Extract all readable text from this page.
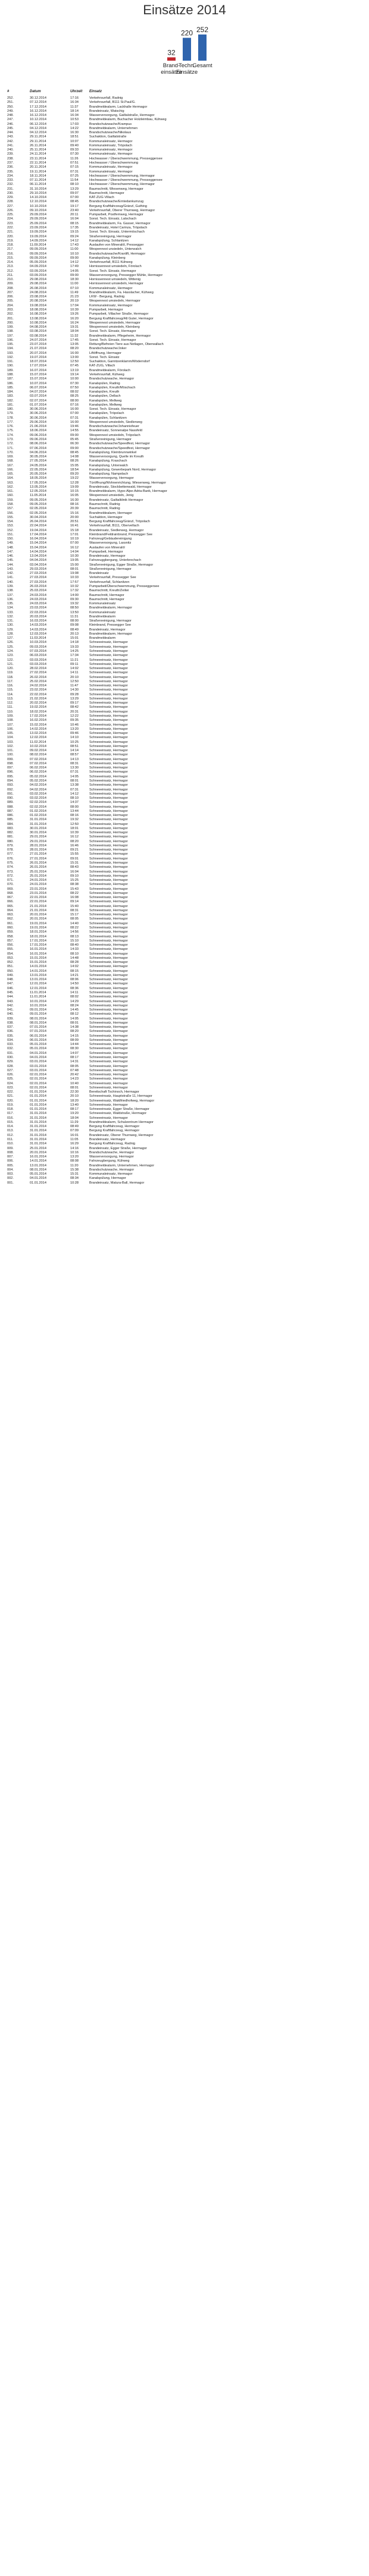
Einsätze 2014
32
Brand-
einsätze
220
Techn.
Einsätze
252
Gesamt
#	Datum	Uhrzeit	Einsatz
252.	30.12.2014	17:16	Verkehrsunfall, Radnig
251.	07.12.2014	16:34	Verkehrsunfall, B111 St.Paul/G.
250.	17.12.2014	11:37	Brandmeldealarm, Lackhalle Hermagor
249.	16.12.2014	18:14	Brandeinsatz, Watschig
248.	16.12.2014	16:34	Wasserversorgung, Gailtalstraße, Hermagor
247.	10.12.2014	10:53	Brandmeldealarm, Buchacher Holzleimbau, Kühweg
246.	06.12.2014	17:03	Brandschutzwache/Krampus
245.	04.12.2014	14:22	Brandmeldealarm, Unternehmen
244.	04.12.2014	16:30	Brandschutzwache/Nikolaus
243.	29.11.2014	18:51	Suchaktion, Gailtalstraße
242.	29.11.2014	10:07	Kommunaleinsatz, Hermagor
241.	26.11.2014	09:40	Kommunaleinsatz, Tröpolach
240.	25.11.2014	09:33	Kommunaleinsatz, Hermagor
239.	24.11.2014	07:30	Kommunaleinsatz, Hermagor
238.	23.11.2014	11:26	Hochwasser / Überschwemmung, Presseggersee
237.	22.11.2014	07:51	Hochwasser / Überschwemmung
236.	20.11.2014	07:15	Kommunaleinsatz, Hermagor
235.	19.11.2014	07:31	Kommunaleinsatz, Hermagor
234.	18.11.2014	07:25	Hochwasser / Überschwemmung, Hermagor
233.	07.11.2014	11:54	Hochwasser / Überschwemmung, Presseggersee
232.	06.11.2014	08:10	Hochwasser / Überschwemmung, Hermagor
231.	31.10.2014	13:29	Baumschnitt, Wiesenweg, Hermagor
230.	29.10.2014	09:07	Baumschnitt, Hermagor
229.	14.10.2014	07:00	KAT-ZUG Villach
228.	12.10.2014	08:45	Brandschutzwache/Erntedankumzug
227.	10.10.2014	19:17	Bergung Kraftfahrzeug/Gränzl, Guthing
226.	09.10.2014	23:40	Verkehrsunfall, Oberer Thurnweg, Hermagor
225.	29.09.2014	20:11	Pumparbeit, Postfernweg, Hermagor
224.	29.09.2014	16:04	Sonst. Tech. Einsatz, Latschach
223.	25.09.2014	08:15	Brandmeldealarm, Fa. Gasser, Hermagor
222.	23.09.2014	17:35	Brandeinsatz, Hotel Carinza, Tröpolach
221.	19.09.2014	19:15	Sonst. Tech. Einsatz, Untermöschach
220.	19.09.2014	09:24	Straßenreinigung, Hermagor
219.	14.09.2014	14:12	Kanalspülung, Schlanitzen
218.	11.09.2014	17:43	Auslaufen von Mineralöl, Pressegger
217.	09.09.2014	11:00	Wespennest unsiedeln, Unterwalch
216.	09.09.2014	10:10	Brandschutzwache/Kranlift, Hermagor
215.	09.09.2014	09:00	Kanalspülung, Kleinberg
214.	05.09.2014	14:12	Verkehrsunfall, B111 Kühweg
213.	04.09.2014	17:49	Hornissennest umsiedeln, Förolach
212.	03.09.2014	14:05	Sonst. Tech. Einsatz, Hermagor
211.	03.09.2014	09:00	Wasserversorgung, Pressegger Mühle, Hermagor
210.	29.08.2014	18:30	Hornissennest umsiedeln, Wittenig
209.	29.08.2014	11:00	Hornissennest umsiedeln, Hermagor
208.	26.08.2014	07:10	Kommunaleinsatz, Hermagor
207.	24.08.2014	11:49	Brandmeldealarm, Fa. Hasslacher, Kühweg
206.	23.08.2014	21:23	LKW - Bergung, Radnig
205.	20.08.2014	20:19	Wespennest umsiedeln, Hermagor
204.	19.08.2014	17:04	Kommunaleinsatz, Hermagor
203.	18.08.2014	10:39	Pumparbeit, Hermagor
202.	16.08.2014	19:26	Pumparbeit, Villacher Straße, Hermagor
201.	13.08.2014	16:20	Bergung Kraftfahrzeug/Alt Guter, Hermagor
200.	10.08.2014	16:24	Wespennest umsiedeln, Hermagor
199.	04.08.2014	19:31	Wespennest umsiedeln, Kleinberg
198.	03.08.2014	18:04	Sonst. Tech. Einsatz, Hermagor
197.	03.08.2014	11:32	Brandmeldealarm, Pflegeheim, Hermagor
196.	24.07.2014	17:45	Sonst. Tech. Einsatz, Hermagor
195.	23.07.2014	13:05	Rettung/Befreien Tiere aus Notlagen, Oberwallach
194.	21.07.2014	08:20	Brandschutzwache/Joker
193.	20.07.2014	16:00	Liftöffnung, Hermagor
192.	19.07.2014	13:00	Sonst. Tech. Einsatz
191.	18.07.2014	12:50	Suchaktion, Garnitzenklamm/Möderndorf
190.	17.07.2014	07:45	KAT-ZUG, Villach
189.	16.07.2014	13:19	Brandmeldealarm, Förolach
188.	15.07.2014	19:14	Verkehrsunfall, Kühweg
187.	15.07.2014	10:00	Brandschutzwache, Hermagor
186.	10.07.2014	07:30	Kanalspülen, Radnig
185.	06.07.2014	07:50	Kanalspülen, Kreuth/Möschach
184.	04.07.2014	08:02	Kanalspülen, Kreuth
183.	03.07.2014	08:25	Kanalspülen, Dellach
182.	02.07.2014	08:00	Kanalspülen, Mellweg
181.	01.07.2014	07:16	Kanalspülen, Mellweg
180.	30.06.2014	16:00	Sonst. Tech. Einsatz, Hermagor
179.	30.06.2014	07:00	Kanalspülen, Tröpolach
178.	30.06.2014	07:31	Kanalspülen, Schlanitzen
177.	29.06.2014	16:00	Wespennest umsiedeln, Siedlerweg
176.	21.06.2014	19:46	Brandschutzwache/Johannisfeuer
175.	18.06.2014	14:55	Brandeinsatz, Sonnenalpe Nassfeld
174.	09.06.2014	09:00	Wespennest umsiedeln, Tröpolach
173.	09.06.2014	05:45	Straßenreinigung, Hermagor
172.	08.06.2014	06:30	Brandschutzwache/Speedfest, Hermagor
171.	07.06.2014	09:00	Brandschutzwache/Speedfest, Hermagor
170.	04.06.2014	08:45	Kanalspülung, Kleinbrunnwinkel
169.	30.05.2014	14:08	Wasserversorgung, Quelle im Kreuth
168.	27.05.2014	08:26	Kanalspülung, Kraschach
167.	24.05.2014	15:05	Kanalspülung, Unterwalch
166.	22.05.2014	18:54	Kanalspülung, Gewerbepark Nord, Hermagor
165.	20.05.2014	09:20	Kanalspülung, Nampolach
164.	18.05.2014	19:22	Wasserversorgung, Hermagor
163.	17.05.2014	12:28	Türöffnung/Wohnenrichtung, Wiesenweg, Hermagor
162.	13.05.2014	19:09	Brandeinsatz, Stockbettenwald, Hermagor
161.	12.05.2014	10:15	Brandmeldealarm, Hypo-Alpe-Adria-Bank, Hermagor
160.	11.05.2014	16:05	Wespennest umsiedeln, Jenig
159.	09.05.2014	16:30	Brandeinsatz, Gailtalklinik Hermagor
158.	09.05.2014	08:16	Baumschnitt, Radnig
157.	02.05.2014	20:39	Baumschnitt, Radnig
156.	02.05.2014	15:16	Brandmeldealarm, Hermagor
155.	30.04.2014	20:00	Suchaktion, Hermagor
154.	26.04.2014	20:51	Bergung Kraftfahrzeug/Gränzl, Tröpolach
153.	22.04.2014	16:41	Verkehrsunfall, B111, Obervellach
152.	19.04.2014	15:18	Brandeinsatz, Siedlerweg, Hermagor
151.	17.04.2014	17:01	Kleinbrand/Feldrainbrand, Pressegger See
150.	16.04.2014	10:19	Fahrzeug/Gebäudereinigung
149.	15.04.2014	07:00	Wasserversorgung, Lassnitz
148.	15.04.2014	16:12	Auslaufen von Mineralöl
147.	14.04.2014	14:04	Pumparbeit, Hermagor
146.	13.04.2014	10:30	Brandeinsatz, Hermagor
145.	04.04.2014	19:05	Fahrzeuggbergung, Unterbrechach
144.	03.04.2014	15:00	Straßenreinigung, Egger Straße, Hermagor
143.	29.03.2014	08:01	Straßenreinigung, Hermagor
142.	27.03.2014	19:08	Brandeinsatz
141.	27.03.2014	10:33	Verkehrsunfall, Pressegger See
140.	27.03.2014	17:57	Verkehrsunfall, Schlanitzen
139.	26.03.2014	10:32	Pumparbeit/Überschwemmung, Presseggersee
138.	25.03.2014	17:32	Baumschnitt, Kreuth/Zeilwi
137.	24.03.2014	14:00	Baumschnitt, Hermagor
136.	24.03.2014	09:30	Baumschnitt, Hermagor
135.	24.03.2014	19:32	Kommunaleinsatz
134.	23.03.2014	08:50	Brandmeldealarm, Hermagor
133.	22.03.2014	13:50	Kommunaleinsatz
132.	20.03.2014	11:31	Brandmeldealarm
131.	16.03.2014	08:00	Straßenreinigung, Hermagor
130.	14.03.2014	09:08	Kleinbrand, Pressegger See
129.	14.03.2014	08:49	Brandeinsatz, Hermagor
128.	12.03.2014	20:13	Brandmeldealarm, Hermagor
127.	11.03.2014	15:01	Brandmeldealarm
126.	10.03.2014	14:18	Schneeeinsatz, Hermagor
125.	09.03.2014	19:33	Schneeeinsatz, Hermagor
124.	07.03.2014	14:25	Schneeeinsatz, Hermagor
123.	06.03.2014	17:34	Schneeeinsatz, Hermagor
122.	03.03.2014	11:21	Schneeeinsatz, Hermagor
121.	03.03.2014	09:11	Schneeeinsatz, Hermagor
120.	28.02.2014	14:02	Schneeeinsatz, Hermagor
119.	27.02.2014	14:11	Schneeeinsatz, Hermagor
118.	26.02.2014	20:10	Schneeeinsatz, Hermagor
117.	25.02.2014	12:50	Schneeeinsatz, Hermagor
116.	24.02.2014	11:47	Schneeeinsatz, Hermagor
115.	23.02.2014	14:30	Schneeeinsatz, Hermagor
114.	22.02.2014	09:28	Schneeeinsatz, Hermagor
113.	21.02.2014	13:29	Schneeeinsatz, Hermagor
112.	20.02.2014	09:17	Schneeeinsatz, Hermagor
111.	19.02.2014	08:42	Schneeeinsatz, Hermagor
110.	18.02.2014	20:31	Schneeeinsatz, Hermagor
109.	17.02.2014	12:22	Schneeeinsatz, Hermagor
108.	16.02.2014	09:35	Schneeeinsatz, Hermagor
107.	15.02.2014	10:46	Schneeeinsatz, Hermagor
106.	14.02.2014	13:20	Schneeeinsatz, Hermagor
105.	13.02.2014	09:46	Schneeeinsatz, Hermagor
104.	12.02.2014	14:10	Schneeeinsatz, Hermagor
103.	11.02.2014	10:25	Schneeeinsatz, Hermagor
102.	10.02.2014	08:51	Schneeeinsatz, Hermagor
101.	09.02.2014	14:14	Schneeeinsatz, Hermagor
100.	08.02.2014	08:57	Schneeeinsatz, Hermagor
099.	07.02.2014	14:13	Schneeeinsatz, Hermagor
098.	07.02.2014	08:31	Schneeeinsatz, Hermagor
097.	06.02.2014	13:30	Schneeeinsatz, Hermagor
096.	06.02.2014	07:31	Schneeeinsatz, Hermagor
095.	05.02.2014	14:05	Schneeeinsatz, Hermagor
094.	05.02.2014	08:01	Schneeeinsatz, Hermagor
093.	04.02.2014	13:38	Schneeeinsatz, Hermagor
092.	04.02.2014	07:31	Schneeeinsatz, Hermagor
091.	03.02.2014	14:12	Schneeeinsatz, Hermagor
090.	03.02.2014	08:10	Schneeeinsatz, Hermagor
089.	02.02.2014	14:37	Schneeeinsatz, Hermagor
088.	02.02.2014	08:00	Schneeeinsatz, Hermagor
087.	01.02.2014	13:44	Schneeeinsatz, Hermagor
086.	01.02.2014	08:16	Schneeeinsatz, Hermagor
085.	31.01.2014	19:32	Schneeeinsatz, Hermagor
084.	31.01.2014	12:50	Schneeeinsatz, Hermagor
083.	30.01.2014	18:01	Schneeeinsatz, Hermagor
082.	30.01.2014	10:39	Schneeeinsatz, Hermagor
081.	29.01.2014	16:12	Schneeeinsatz, Hermagor
080.	29.01.2014	08:20	Schneeeinsatz, Hermagor
079.	28.01.2014	16:46	Schneeeinsatz, Hermagor
078.	28.01.2014	09:21	Schneeeinsatz, Hermagor
077.	27.01.2014	15:55	Schneeeinsatz, Hermagor
076.	27.01.2014	09:01	Schneeeinsatz, Hermagor
075.	26.01.2014	15:31	Schneeeinsatz, Hermagor
074.	26.01.2014	08:43	Schneeeinsatz, Hermagor
073.	25.01.2014	16:04	Schneeeinsatz, Hermagor
072.	25.01.2014	09:10	Schneeeinsatz, Hermagor
071.	24.01.2014	15:25	Schneeeinsatz, Hermagor
070.	24.01.2014	08:38	Schneeeinsatz, Hermagor
069.	23.01.2014	15:43	Schneeeinsatz, Hermagor
068.	23.01.2014	08:22	Schneeeinsatz, Hermagor
067.	22.01.2014	16:08	Schneeeinsatz, Hermagor
066.	22.01.2014	09:14	Schneeeinsatz, Hermagor
065.	21.01.2014	15:40	Schneeeinsatz, Hermagor
064.	21.01.2014	08:31	Schneeeinsatz, Hermagor
063.	20.01.2014	15:17	Schneeeinsatz, Hermagor
062.	20.01.2014	08:05	Schneeeinsatz, Hermagor
061.	19.01.2014	14:40	Schneeeinsatz, Hermagor
060.	19.01.2014	08:22	Schneeeinsatz, Hermagor
059.	18.01.2014	14:56	Schneeeinsatz, Hermagor
058.	18.01.2014	08:13	Schneeeinsatz, Hermagor
057.	17.01.2014	15:10	Schneeeinsatz, Hermagor
056.	17.01.2014	08:40	Schneeeinsatz, Hermagor
055.	16.01.2014	14:33	Schneeeinsatz, Hermagor
054.	16.01.2014	08:10	Schneeeinsatz, Hermagor
053.	15.01.2014	14:48	Schneeeinsatz, Hermagor
052.	15.01.2014	08:28	Schneeeinsatz, Hermagor
051.	14.01.2014	14:02	Schneeeinsatz, Hermagor
050.	14.01.2014	08:15	Schneeeinsatz, Hermagor
049.	13.01.2014	14:21	Schneeeinsatz, Hermagor
048.	13.01.2014	08:06	Schneeeinsatz, Hermagor
047.	12.01.2014	14:50	Schneeeinsatz, Hermagor
046.	12.01.2014	08:36	Schneeeinsatz, Hermagor
045.	11.01.2014	14:11	Schneeeinsatz, Hermagor
044.	11.01.2014	08:02	Schneeeinsatz, Hermagor
043.	10.01.2014	14:29	Schneeeinsatz, Hermagor
042.	10.01.2014	08:24	Schneeeinsatz, Hermagor
041.	09.01.2014	14:45	Schneeeinsatz, Hermagor
040.	09.01.2014	08:12	Schneeeinsatz, Hermagor
039.	08.01.2014	14:05	Schneeeinsatz, Hermagor
038.	08.01.2014	08:01	Schneeeinsatz, Hermagor
037.	07.01.2014	14:38	Schneeeinsatz, Hermagor
036.	07.01.2014	08:20	Schneeeinsatz, Hermagor
035.	06.01.2014	14:15	Schneeeinsatz, Hermagor
034.	06.01.2014	08:09	Schneeeinsatz, Hermagor
033.	05.01.2014	14:44	Schneeeinsatz, Hermagor
032.	05.01.2014	08:30	Schneeeinsatz, Hermagor
031.	04.01.2014	14:07	Schneeeinsatz, Hermagor
030.	04.01.2014	08:17	Schneeeinsatz, Hermagor
029.	03.01.2014	14:31	Schneeeinsatz, Hermagor
028.	03.01.2014	08:05	Schneeeinsatz, Hermagor
027.	03.01.2014	07:48	Schneeeinsatz, Hermagor
026.	02.01.2014	20:42	Schneeeinsatz, Hermagor
025.	02.01.2014	14:23	Schneeeinsatz, Hermagor
024.	02.01.2014	10:40	Schneeeinsatz, Hermagor
023.	02.01.2014	08:01	Schneeeinsatz, Hermagor
022.	01.01.2014	22:30	Bereitschaft Tschinoch, Hermagor
021.	01.01.2014	20:10	Schneeeinsatz, Hauptstraße 11, Hermagor
020.	01.01.2014	18:20	Schneeeinsatz, Waldfriedhofweg, Hermagor
019.	01.01.2014	13:40	Schneeeinsatz, Hermagor
018.	01.01.2014	08:17	Schneeeinsatz, Egger Straße, Hermagor
017.	31.01.2014	19:20	Schneeeinsatz, Waldstraße, Hermagor
016.	31.01.2014	18:04	Schneeeinsatz, Hermagor
015.	31.01.2014	11:29	Brandmeldealarm, Schulzentrum Hermagor
014.	31.01.2014	08:49	Bergung Kraftfahrzeug, Hermagor
013.	31.01.2014	07:09	Bergung Kraftfahrzeug, Hermagor
012.	31.01.2014	16:01	Brandeinsatz, Oberer Thurnweg, Hermagor
011.	31.01.2014	11:05	Brandeinsatz, Hermagor
010.	31.01.2014	16:29	Bergung Kraftfahrzeug, Radnig
009.	25.01.2014	14:16	Brandeinsatz, Egger Straße, Hermagor
008.	20.01.2014	10:16	Brandschutzwache, Hermagor
007.	16.01.2014	13:20	Wasserversorgung, Hermagor
006.	14.01.2014	08:08	Fahrzeugbergung, Kühweg
005.	13.01.2014	11:20	Brandmeldealarm, Unternehmen, Hermagor
004.	08.01.2014	15:38	Brandschutzwache, Hermagor
003.	05.01.2014	15:31	Kommunaleinsatz, Hermagor
002.	04.01.2014	08:34	Kanalspülung, Hermagor
001.	01.01.2014	10:28	Brandeinsatz, Matura-Ball, Hermagor
